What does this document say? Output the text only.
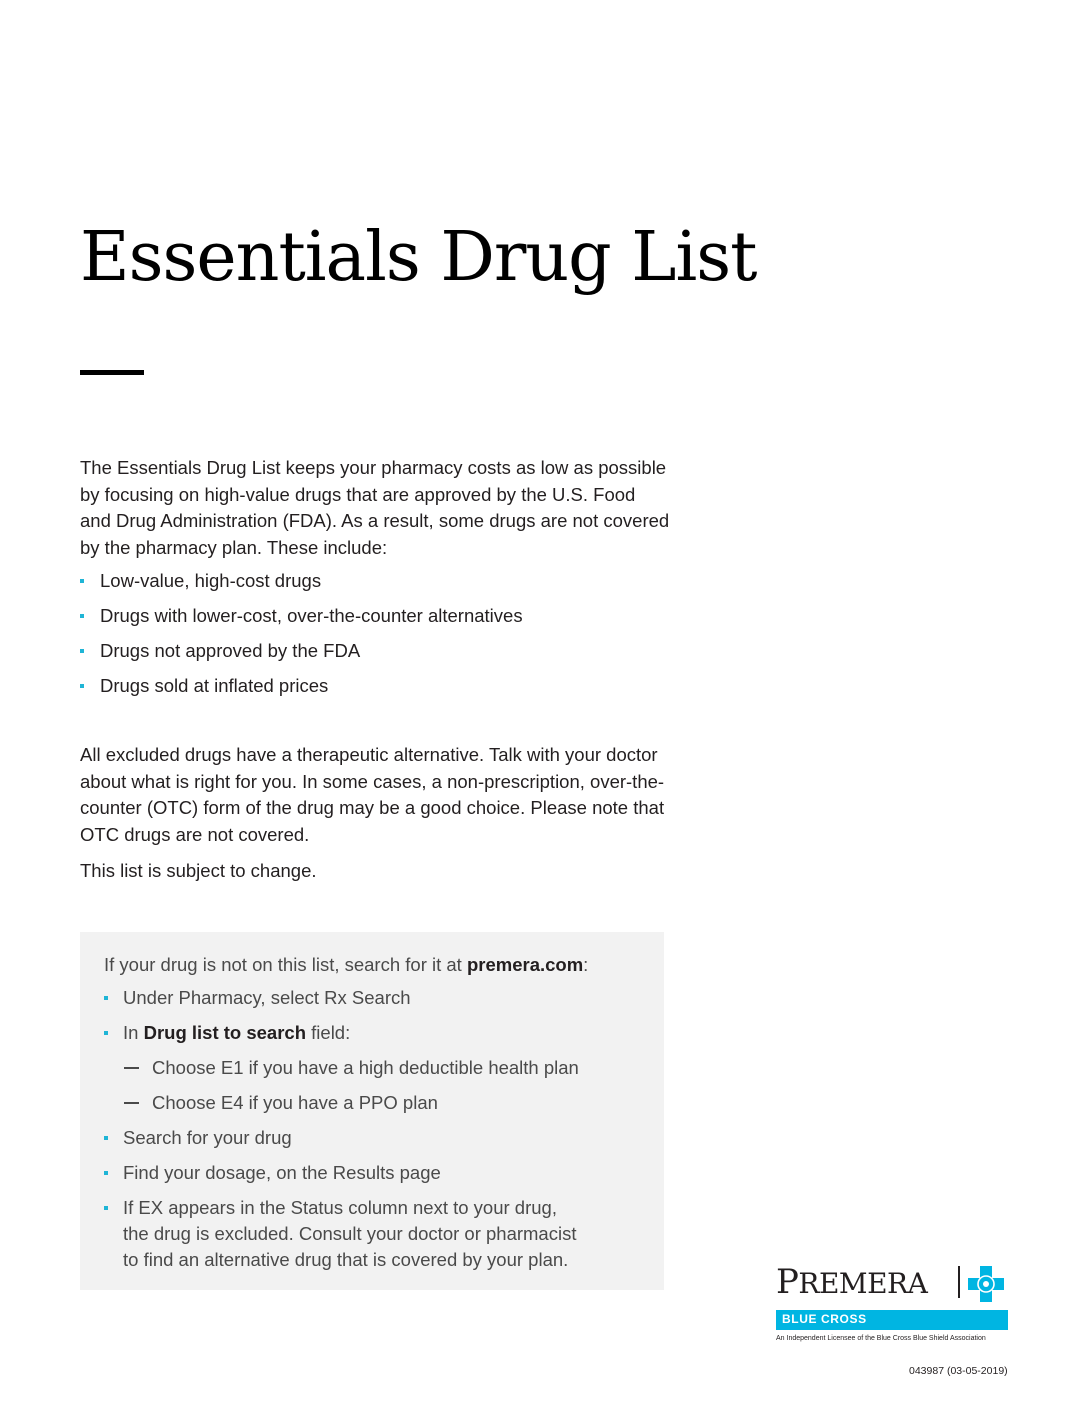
Essentials Drug List

The Essentials Drug List keeps your pharmacy costs as low as possible by focusing on high-value drugs that are approved by the U.S. Food and Drug Administration (FDA). As a result, some drugs are not covered by the pharmacy plan. These include:

Low-value, high-cost drugs
Drugs with lower-cost, over-the-counter alternatives
Drugs not approved by the FDA
Drugs sold at inflated prices

All excluded drugs have a therapeutic alternative. Talk with your doctor about what is right for you. In some cases, a non-prescription, over-the-counter (OTC) form of the drug may be a good choice. Please note that OTC drugs are not covered.

This list is subject to change.

If your drug is not on this list, search for it at premera.com:

Under Pharmacy, select Rx Search
In Drug list to search field:
Choose E1 if you have a high deductible health plan
Choose E4 if you have a PPO plan
Search for your drug
Find your dosage, on the Results page
If EX appears in the Status column next to your drug,
the drug is excluded. Consult your doctor or pharmacist
to find an alternative drug that is covered by your plan.
PREMERA
BLUE CROSS
An Independent Licensee of the Blue Cross Blue Shield Association
043987 (03-05-2019)
